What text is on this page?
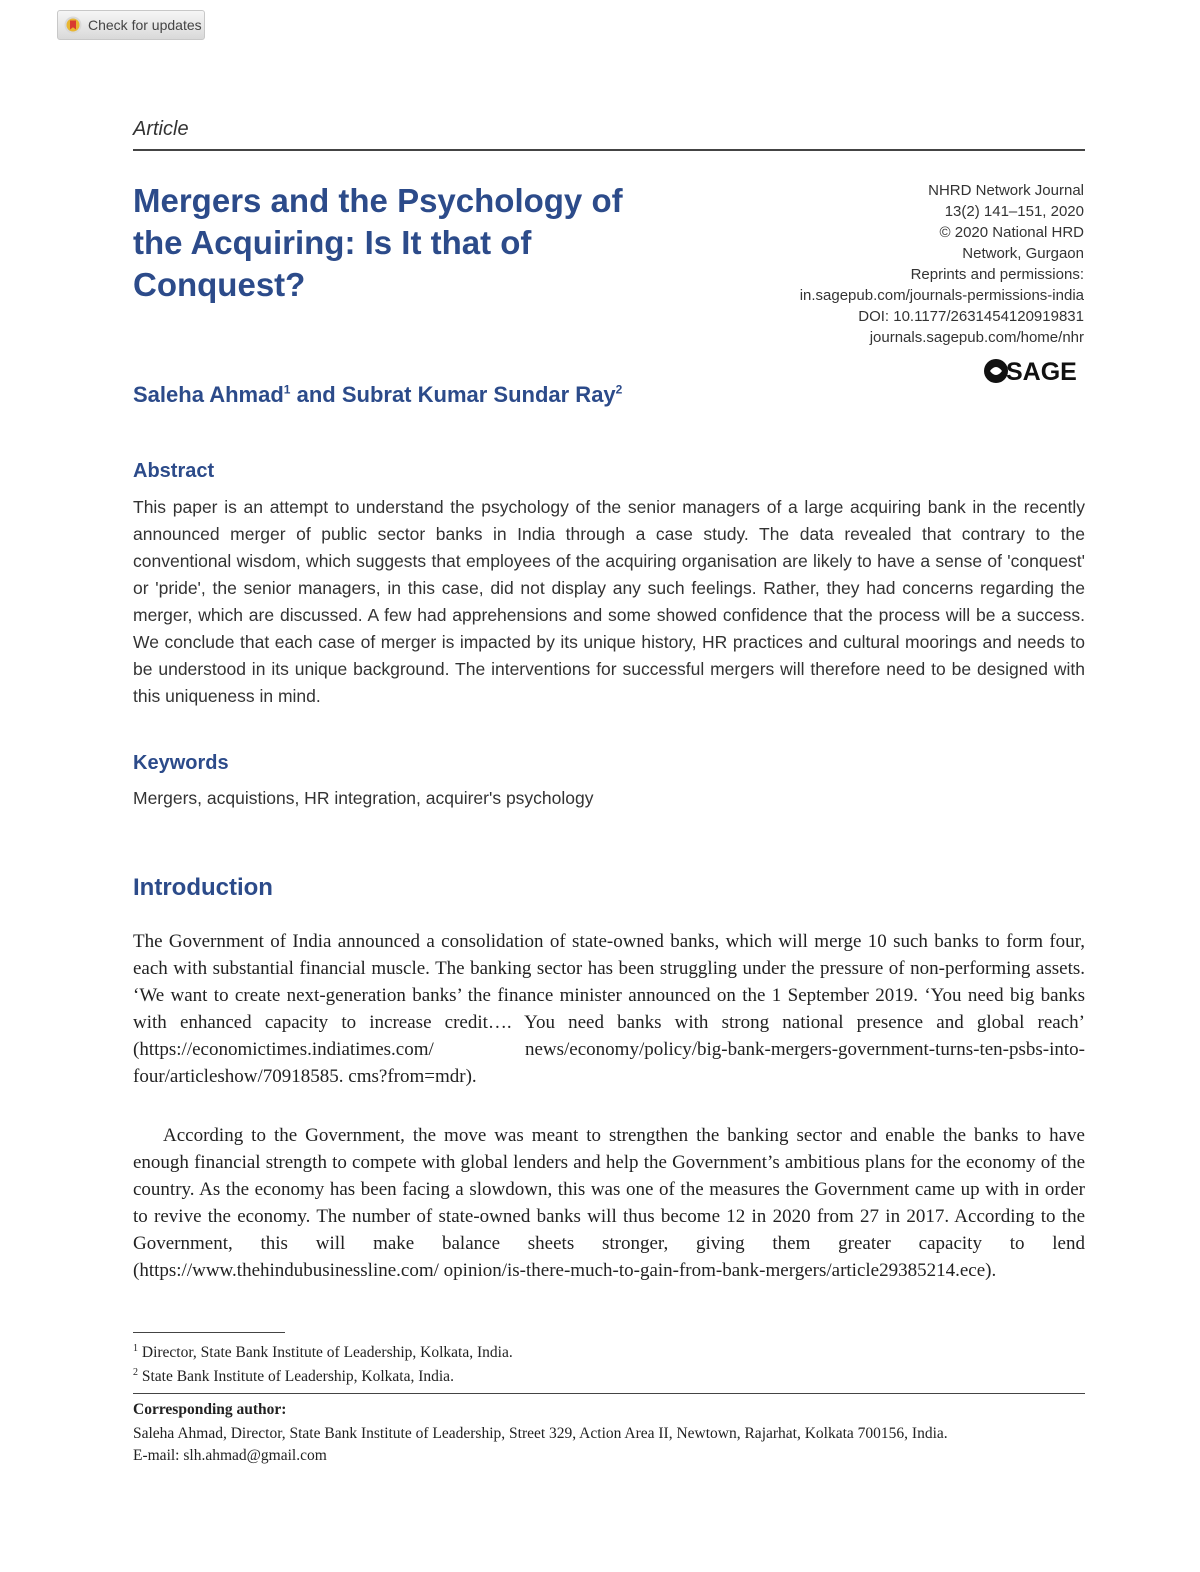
Check for updates
Article
Mergers and the Psychology of the Acquiring: Is It that of Conquest?
NHRD Network Journal
13(2) 141–151, 2020
© 2020 National HRD
Network, Gurgaon
Reprints and permissions:
in.sagepub.com/journals-permissions-india
DOI: 10.1177/2631454120919831
journals.sagepub.com/home/nhr
SAGE
Saleha Ahmad$^1$ and Subrat Kumar Sundar Ray$^2$
Abstract

This paper is an attempt to understand the psychology of the senior managers of a large acquiring bank in the recently announced merger of public sector banks in India through a case study. The data revealed that contrary to the conventional wisdom, which suggests that employees of the acquiring organisation are likely to have a sense of 'conquest' or 'pride', the senior managers, in this case, did not display any such feelings. Rather, they had concerns regarding the merger, which are discussed. A few had apprehensions and some showed confidence that the process will be a success. We conclude that each case of merger is impacted by its unique history, HR practices and cultural moorings and needs to be understood in its unique background. The interventions for successful mergers will therefore need to be designed with this uniqueness in mind.

Keywords
Mergers, acquistions, HR integration, acquirer's psychology
Introduction

The Government of India announced a consolidation of state-owned banks, which will merge 10 such banks to form four, each with substantial financial muscle. The banking sector has been struggling under the pressure of non-performing assets. ‘We want to create next-generation banks’ the finance minister announced on the 1 September 2019. ‘You need big banks with enhanced capacity to increase credit…. You need banks with strong national presence and global reach’ (https://economictimes.indiatimes.com/ news/economy/policy/big-bank-mergers-government-turns-ten-psbs-into-four/articleshow/70918585. cms?from=mdr).

According to the Government, the move was meant to strengthen the banking sector and enable the banks to have enough financial strength to compete with global lenders and help the Government’s ambitious plans for the economy of the country. As the economy has been facing a slowdown, this was one of the measures the Government came up with in order to revive the economy. The number of state-owned banks will thus become 12 in 2020 from 27 in 2017. According to the Government, this will make balance sheets stronger, giving them greater capacity to lend (https://www.thehindubusinessline.com/ opinion/is-there-much-to-gain-from-bank-mergers/article29385214.ece).

$^1$ Director, State Bank Institute of Leadership, Kolkata, India.
$^2$ State Bank Institute of Leadership, Kolkata, India.
Corresponding author:
Saleha Ahmad, Director, State Bank Institute of Leadership, Street 329, Action Area II, Newtown, Rajarhat, Kolkata 700156, India.
E-mail: slh.ahmad@gmail.com
